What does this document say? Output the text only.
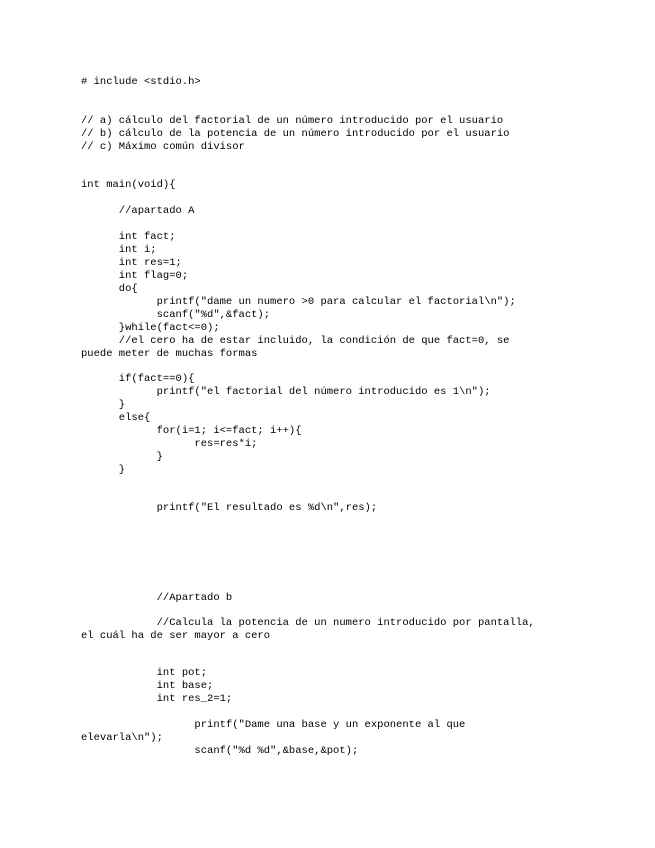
# include <stdio.h>
// a) cálculo del factorial de un número introducido por el usuario
// b) cálculo de la potencia de un número introducido por el usuario
// c) Máximo común divisor
int main(void){
//apartado A
int fact;
int i;
int res=1;
int flag=0;
do{
printf("dame un numero >0 para calcular el factorial\n");
scanf("%d",&fact);
}while(fact<=0);
//el cero ha de estar incluido, la condición de que fact=0, se
puede meter de muchas formas
if(fact==0){
printf("el factorial del número introducido es 1\n");
}
else{
for(i=1; i<=fact; i++){
res=res*i;
}
}
printf("El resultado es %d\n",res);
//Apartado b
//Calcula la potencia de un numero introducido por pantalla,
el cuál ha de ser mayor a cero
int pot;
int base;
int res_2=1;
printf("Dame una base y un exponente al que
elevarla\n");
scanf("%d %d",&base,&pot);
